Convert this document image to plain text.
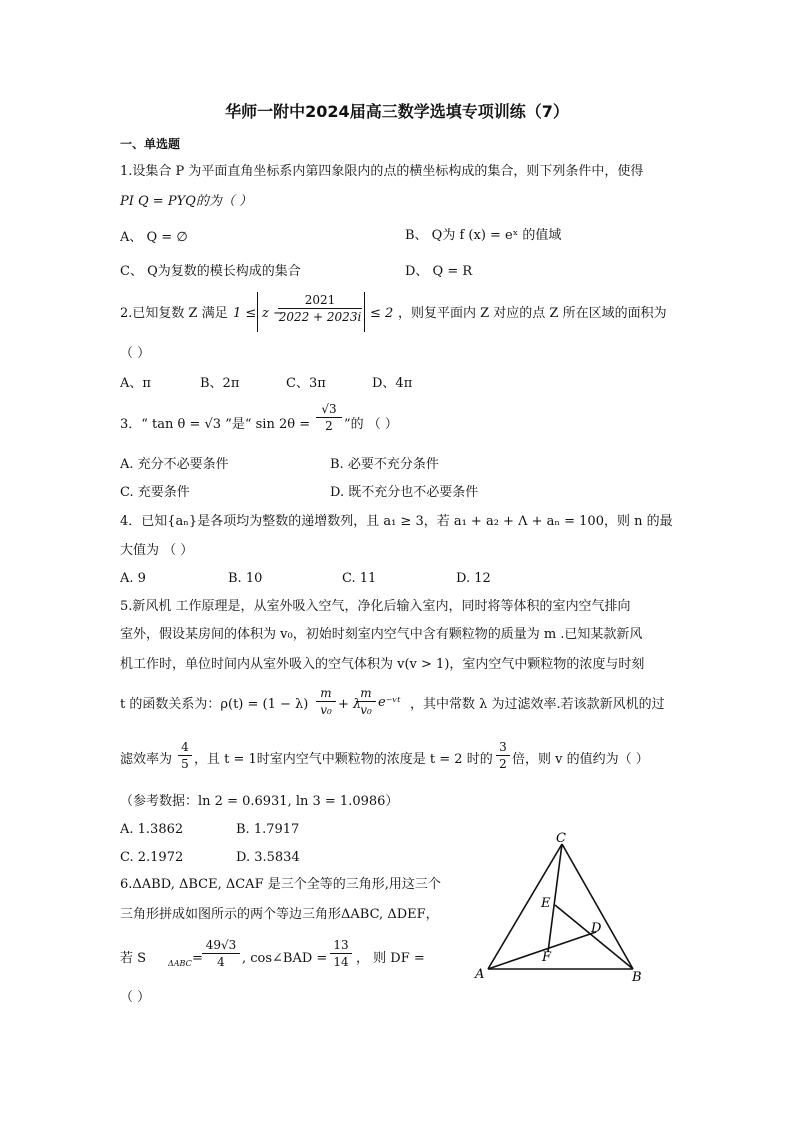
华师一附中2024届高三数学选填专项训练（7）
一、单选题
1.设集合 P 为平面直角坐标系内第四象限内的点的横坐标构成的集合，则下列条件中，使得
PI Q = PYQ的为（ ）
A、 Q = ∅	B、 Q为 f (x) = eˣ 的值域
C、 Q为复数的模长构成的集合	D、 Q = R
2.已知复数 Z 满足 1 ≤ z −
2021
2022 + 2023i ≤ 2 ，则复平面内 Z 对应的点 Z 所在区域的面积为
（ ）
A、π	B、2π	C、3π	D、4π
3．“ tan θ = √3 ”是“ sin 2θ =
√3
2 ”的 （ ）
A. 充分不必要条件	B. 必要不充分条件
C. 充要条件	D. 既不充分也不必要条件
4．已知{aₙ}是各项均为整数的递增数列，且 a₁ ≥ 3，若 a₁ + a₂ + Λ + aₙ = 100，则 n 的最
大值为 （ ）
A. 9	B. 10	C. 11	D. 12
5.新风机 工作原理是，从室外吸入空气，净化后输入室内，同时将等体积的室内空气排向
室外，假设某房间的体积为 v₀，初始时刻室内空气中含有颗粒物的质量为 m .已知某款新风
机工作时，单位时间内从室外吸入的空气体积为 v(v > 1)，室内空气中颗粒物的浓度与时刻
t 的函数关系为：ρ(t) = (1 − λ)
m
v₀ + λ
m
v₀ e⁻ᵛᵗ ，其中常数 λ 为过滤效率.若该款新风机的过
滤效率为
4
5 ，且 t = 1时室内空气中颗粒物的浓度是 t = 2 时的
3
2 倍，则 v 的值约为（ ）
（参考数据：ln 2 = 0.6931, ln 3 = 1.0986）
A. 1.3862	B. 1.7917
C. 2.1972	D. 3.5834
6.ΔABD, ΔBCE, ΔCAF 是三个全等的三角形,用这三个
三角形拼成如图所示的两个等边三角形ΔABC, ΔDEF，
若 S	ΔABC =
49√3
4	, cos∠BAD =
13
14 ， 则 DF =
（ ）
C
E
D
F
A	B
